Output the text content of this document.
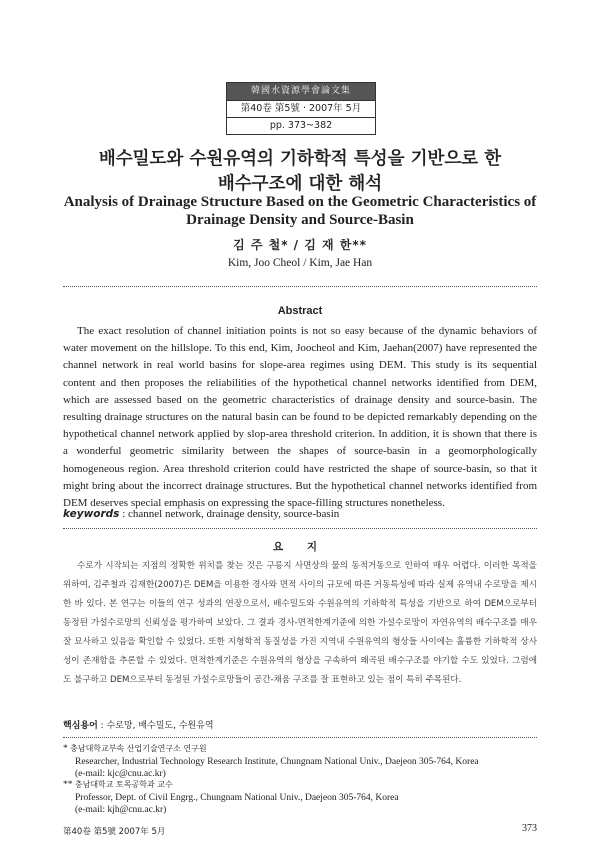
韓國水資源學會論文集
第40卷 第5號 · 2007年 5月
pp. 373~382
배수밀도와 수원유역의 기하학적 특성을 기반으로 한
배수구조에 대한 해석
Analysis of Drainage Structure Based on the Geometric Characteristics of
Drainage Density and Source-Basin
김 주 철* / 김 재 한**
Kim, Joo Cheol / Kim, Jae Han
Abstract
The exact resolution of channel initiation points is not so easy because of the dynamic behaviors of water movement on the hillslope. To this end, Kim, Joocheol and Kim, Jaehan(2007) have represented the channel network in real world basins for slope-area regimes using DEM. This study is its sequential content and then proposes the reliabilities of the hypothetical channel networks identified from DEM, which are assessed based on the geometric characteristics of drainage density and source-basin. The resulting drainage structures on the natural basin can be found to be depicted remarkably depending on the hypothetical channel network applied by slop-area threshold criterion. In addition, it is shown that there is a wonderful geometric similarity between the shapes of source-basin in a geomorphologically homogeneous region. Area threshold criterion could have restricted the shape of source-basin, so that it might bring about the incorrect drainage structures. But the hypothetical channel networks identified from DEM deserves special emphasis on expressing the space-filling structures nonetheless.
keywords : channel network, drainage density, source-basin
요 지
수로가 시작되는 지점의 정확한 위치를 찾는 것은 구릉지 사면상의 물의 동적거동으로 인하여 매우 어렵다. 이러한 목적을 위하여, 김주철과 김재한(2007)은 DEM을 이용한 경사와 면적 사이의 규모에 따른 거동특성에 따라 실제 유역내 수로망을 제시한 바 있다. 본 연구는 이들의 연구 성과의 연장으로서, 배수밀도와 수원유역의 기하학적 특성을 기반으로 하여 DEM으로부터 동정된 가설수로망의 신뢰성을 평가하여 보았다. 그 결과 경사-면적한계기준에 의한 가설수로망이 자연유역의 배수구조를 매우 잘 묘사하고 있음을 확인할 수 있었다. 또한 지형학적 동질성을 가진 지역내 수원유역의 형상들 사이에는 훌륭한 기하학적 상사성이 존재함을 추론할 수 있었다. 면적한계기준은 수원유역의 형상을 구속하여 왜곡된 배수구조를 야기할 수도 있었다. 그럼에도 불구하고 DEM으로부터 동정된 가설수로망들이 공간-채움 구조를 잘 표현하고 있는 점이 특히 주목된다.
핵심용어 : 수로망, 배수밀도, 수원유역
* 충남대학교부속 산업기술연구소 연구원
Researcher, Industrial Technology Research Institute, Chungnam National Univ., Daejeon 305-764, Korea
(e-mail: kjc@cnu.ac.kr)
** 충남대학교 토목공학과 교수
Professor, Dept. of Civil Engrg., Chungnam National Univ., Daejeon 305-764, Korea
(e-mail: kjh@cnu.ac.kr)
第40卷 第5號 2007年 5月	373
